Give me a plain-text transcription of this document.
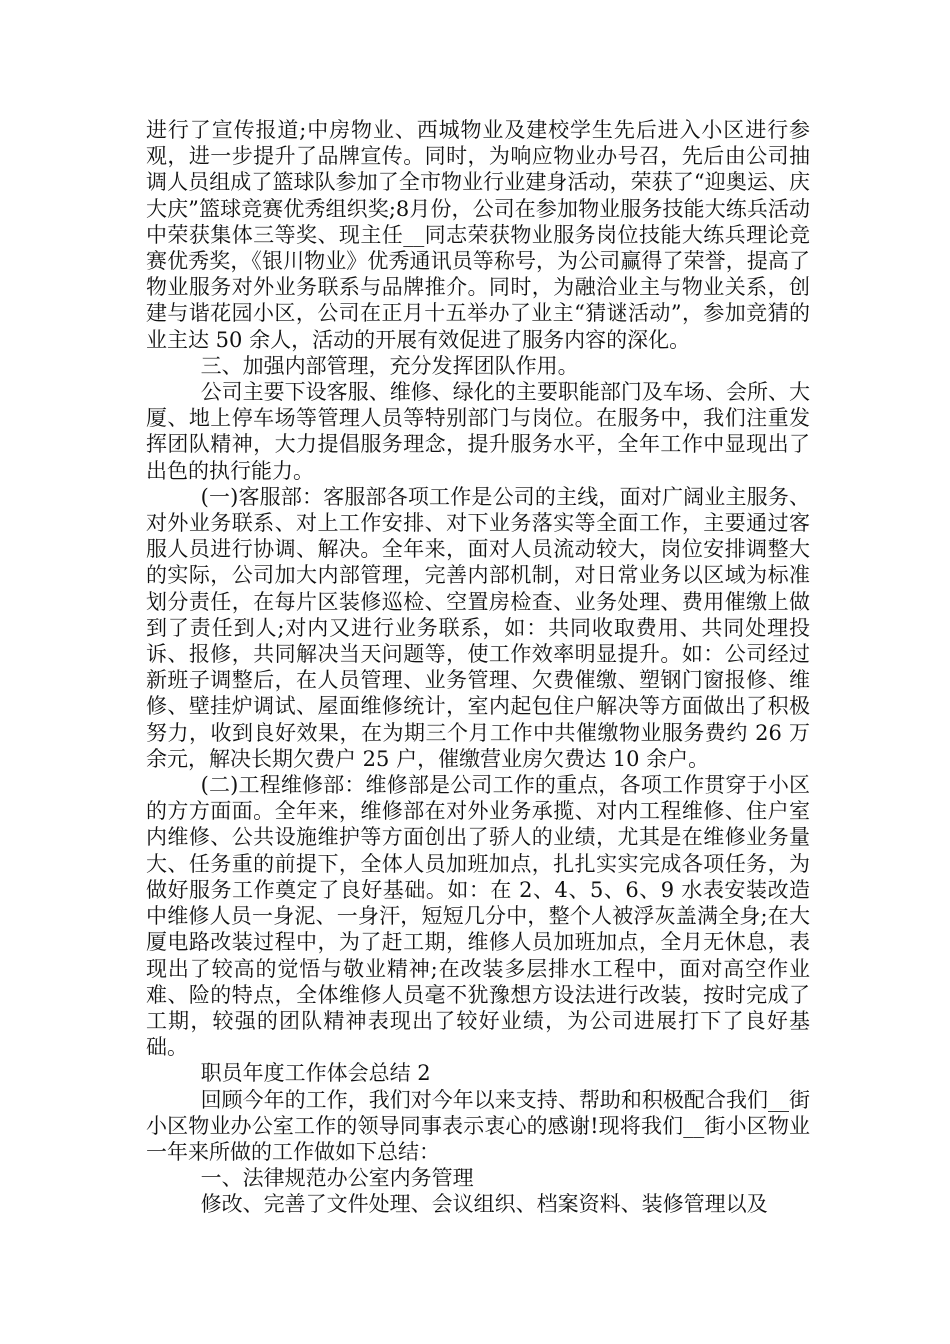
进行了宣传报道;中房物业、西城物业及建校学生先后进入小区进行参观，进一步提升了品牌宣传。同时，为响应物业办号召，先后由公司抽调人员组成了篮球队参加了全市物业行业建身活动，荣获了“迎奥运、庆大庆”篮球竞赛优秀组织奖;8月份，公司在参加物业服务技能大练兵活动中荣获集体三等奖、现主任__同志荣获物业服务岗位技能大练兵理论竞赛优秀奖，《银川物业》优秀通讯员等称号，为公司赢得了荣誉，提高了物业服务对外业务联系与品牌推介。同时，为融洽业主与物业关系，创建与谐花园小区，公司在正月十五举办了业主“猜谜活动”，参加竞猜的业主达 50 余人，活动的开展有效促进了服务内容的深化。

三、加强内部管理，充分发挥团队作用。

公司主要下设客服、维修、绿化的主要职能部门及车场、会所、大厦、地上停车场等管理人员等特别部门与岗位。在服务中，我们注重发挥团队精神，大力提倡服务理念，提升服务水平，全年工作中显现出了出色的执行能力。

(一)客服部：客服部各项工作是公司的主线，面对广阔业主服务、对外业务联系、对上工作安排、对下业务落实等全面工作，主要通过客服人员进行协调、解决。全年来，面对人员流动较大，岗位安排调整大的实际，公司加大内部管理，完善内部机制，对日常业务以区域为标准划分责任，在每片区装修巡检、空置房检查、业务处理、费用催缴上做到了责任到人;对内又进行业务联系，如：共同收取费用、共同处理投诉、报修，共同解决当天问题等，使工作效率明显提升。如：公司经过新班子调整后，在人员管理、业务管理、欠费催缴、塑钢门窗报修、维修、壁挂炉调试、屋面维修统计，室内起包住户解决等方面做出了积极努力，收到良好效果，在为期三个月工作中共催缴物业服务费约 26 万余元，解决长期欠费户 25 户，催缴营业房欠费达 10 余户。

(二)工程维修部：维修部是公司工作的重点，各项工作贯穿于小区的方方面面。全年来，维修部在对外业务承揽、对内工程维修、住户室内维修、公共设施维护等方面创出了骄人的业绩，尤其是在维修业务量大、任务重的前提下，全体人员加班加点，扎扎实实完成各项任务，为做好服务工作奠定了良好基础。如：在 2、4、5、6、9 水表安装改造中维修人员一身泥、一身汗，短短几分中，整个人被浮灰盖满全身;在大厦电路改装过程中，为了赶工期，维修人员加班加点，全月无休息，表现出了较高的觉悟与敬业精神;在改装多层排水工程中，面对高空作业难、险的特点，全体维修人员毫不犹豫想方设法进行改装，按时完成了工期，较强的团队精神表现出了较好业绩，为公司进展打下了良好基础。

职员年度工作体会总结 2

回顾今年的工作，我们对今年以来支持、帮助和积极配合我们__街小区物业办公室工作的领导同事表示衷心的感谢!现将我们__街小区物业一年来所做的工作做如下总结：

一、法律规范办公室内务管理

修改、完善了文件处理、会议组织、档案资料、装修管理以及
